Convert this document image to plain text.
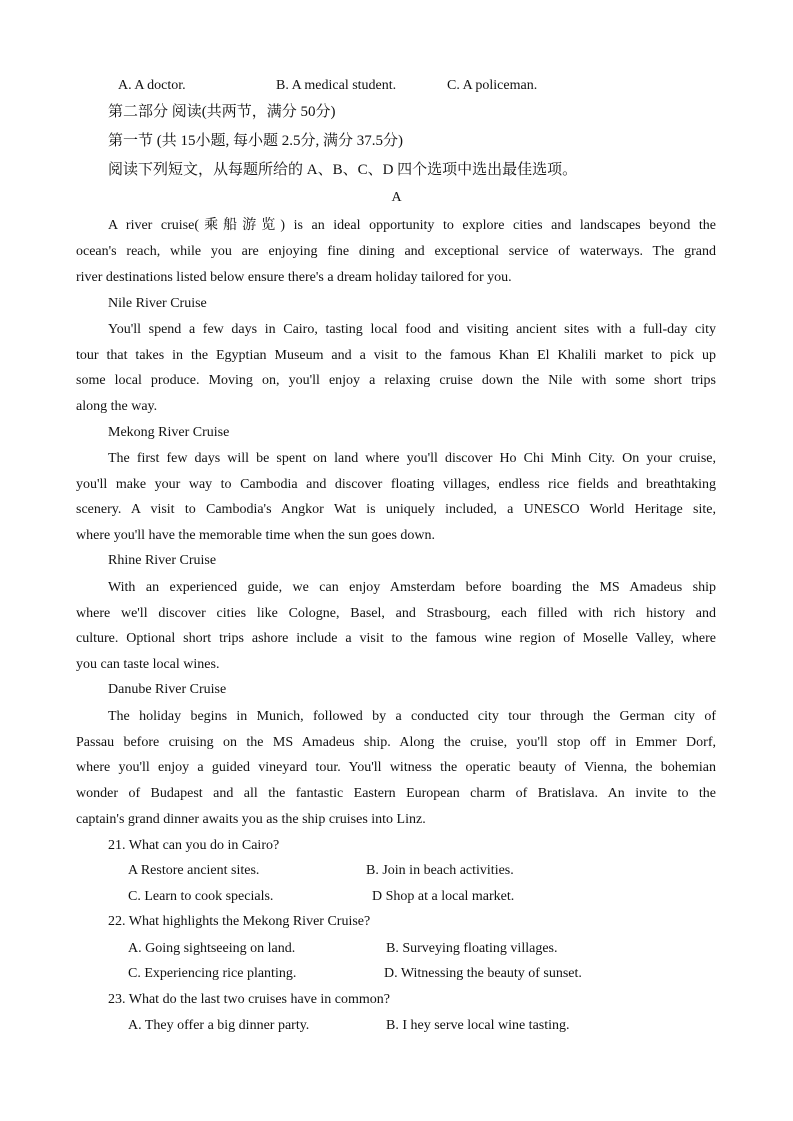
A. A doctor.	B. A medical student.	C. A policeman.
第二部分 阅读(共两节，满分 50分)
第一节 (共 15小题, 每小题 2.5分, 满分 37.5分)
阅读下列短文，从每题所给的 A、B、C、D 四个选项中选出最佳选项。
A
A river cruise(乘船游览) is an ideal opportunity to explore cities and landscapes beyond the
ocean's reach, while you are enjoying fine dining and exceptional service of waterways. The grand
river destinations listed below ensure there's a dream holiday tailored for you.
Nile River Cruise
You'll spend a few days in Cairo, tasting local food and visiting ancient sites with a full-day city
tour that takes in the Egyptian Museum and a visit to the famous Khan El Khalili market to pick up
some local produce. Moving on, you'll enjoy a relaxing cruise down the Nile with some short trips
along the way.
Mekong River Cruise
The first few days will be spent on land where you'll discover Ho Chi Minh City. On your cruise,
you'll make your way to Cambodia and discover floating villages, endless rice fields and breathtaking
scenery. A visit to Cambodia's Angkor Wat is uniquely included, a UNESCO World Heritage site,
where you'll have the memorable time when the sun goes down.
Rhine River Cruise
With an experienced guide, we can enjoy Amsterdam before boarding the MS Amadeus ship
where we'll discover cities like Cologne, Basel, and Strasbourg, each filled with rich history and
culture. Optional short trips ashore include a visit to the famous wine region of Moselle Valley, where
you can taste local wines.
Danube River Cruise
The holiday begins in Munich, followed by a conducted city tour through the German city of
Passau before cruising on the MS Amadeus ship. Along the cruise, you'll stop off in Emmer Dorf,
where you'll enjoy a guided vineyard tour. You'll witness the operatic beauty of Vienna, the bohemian
wonder of Budapest and all the fantastic Eastern European charm of Bratislava. An invite to the
captain's grand dinner awaits you as the ship cruises into Linz.
21. What can you do in Cairo?
A Restore ancient sites.	B. Join in beach activities.
C. Learn to cook specials.	D Shop at a local market.
22. What highlights the Mekong River Cruise?
A. Going sightseeing on land.	B. Surveying floating villages.
C. Experiencing rice planting.	D. Witnessing the beauty of sunset.
23. What do the last two cruises have in common?
A. They offer a big dinner party.	B. I hey serve local wine tasting.
